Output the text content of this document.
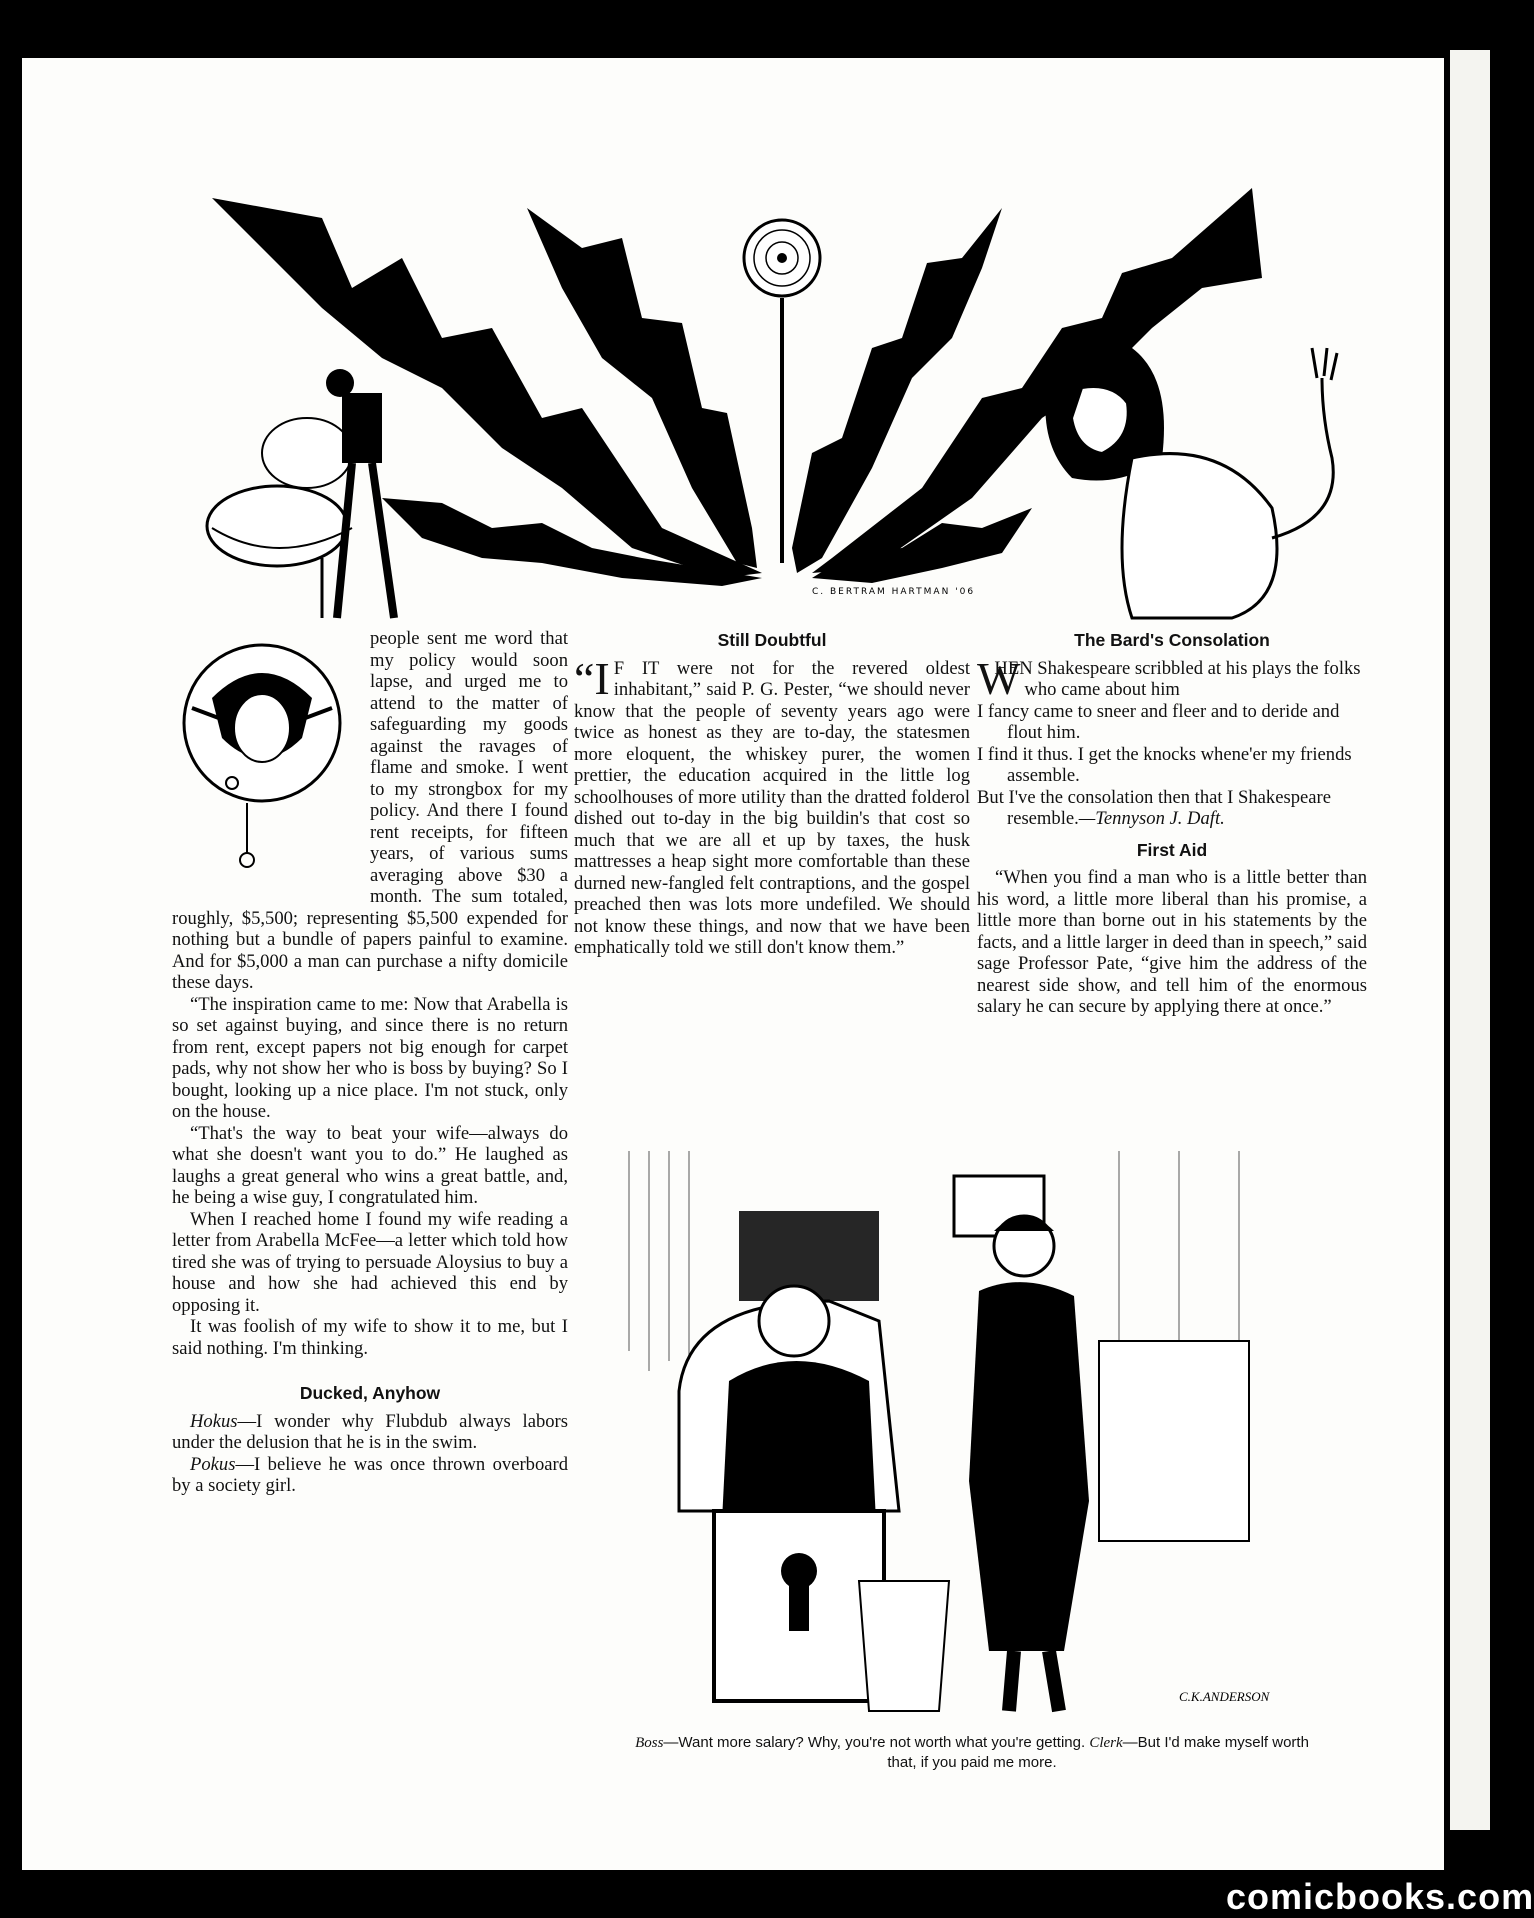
C. BERTRAM HARTMAN '06

people sent me word that my policy would soon lapse, and urged me to attend to the matter of safeguarding my goods against the ravages of flame and smoke. I went to my strongbox for my policy. And there I found rent receipts, for fifteen years, of various sums averaging above $30 a month. The sum totaled, roughly, $5,500; representing $5,500 expended for nothing but a bundle of papers painful to examine. And for $5,000 a man can purchase a nifty domicile these days.

“The inspiration came to me: Now that Arabella is so set against buying, and since there is no return from rent, except papers not big enough for carpet pads, why not show her who is boss by buying? So I bought, looking up a nice place. I'm not stuck, only on the house.

“That's the way to beat your wife—always do what she doesn't want you to do.” He laughed as laughs a great general who wins a great battle, and, he being a wise guy, I congratulated him.

When I reached home I found my wife reading a letter from Arabella McFee—a letter which told how tired she was of trying to persuade Aloysius to buy a house and how she had achieved this end by opposing it.

It was foolish of my wife to show it to me, but I said nothing. I'm thinking.

Ducked, Anyhow

Hokus—I wonder why Flubdub always labors under the delusion that he is in the swim.

Pokus—I believe he was once thrown overboard by a society girl.

Still Doubtful

“I F IT were not for the revered oldest inhabitant,” said P. G. Pester, “we should never know that the people of seventy years ago were twice as honest as they are to-day, the statesmen more eloquent, the whiskey purer, the women prettier, the education acquired in the little log schoolhouses of more utility than the dratted folderol dished out to-day in the big buildin's that cost so much that we are all et up by taxes, the husk mattresses a heap sight more comfortable than these durned new-fangled felt contraptions, and the gospel preached then was lots more undefiled. We should not know these things, and now that we have been emphatically told we still don't know them.”

The Bard's Consolation

W
HEN Shakespeare scribbled at his plays the folks who came about him

I fancy came to sneer and fleer and to deride and flout him.

I find it thus. I get the knocks whene'er my friends assemble.

But I've the consolation then that I Shakespeare resemble.—Tennyson J. Daft.

First Aid

“When you find a man who is a little better than his word, a little more liberal than his promise, a little more than borne out in his statements by the facts, and a little larger in deed than in speech,” said sage Professor Pate, “give him the address of the nearest side show, and tell him of the enormous salary he can secure by applying there at once.”

C.K.ANDERSON
Boss—Want more salary? Why, you're not worth what you're getting. Clerk—But I'd make myself worth that, if you paid me more.
comicbooks.com
